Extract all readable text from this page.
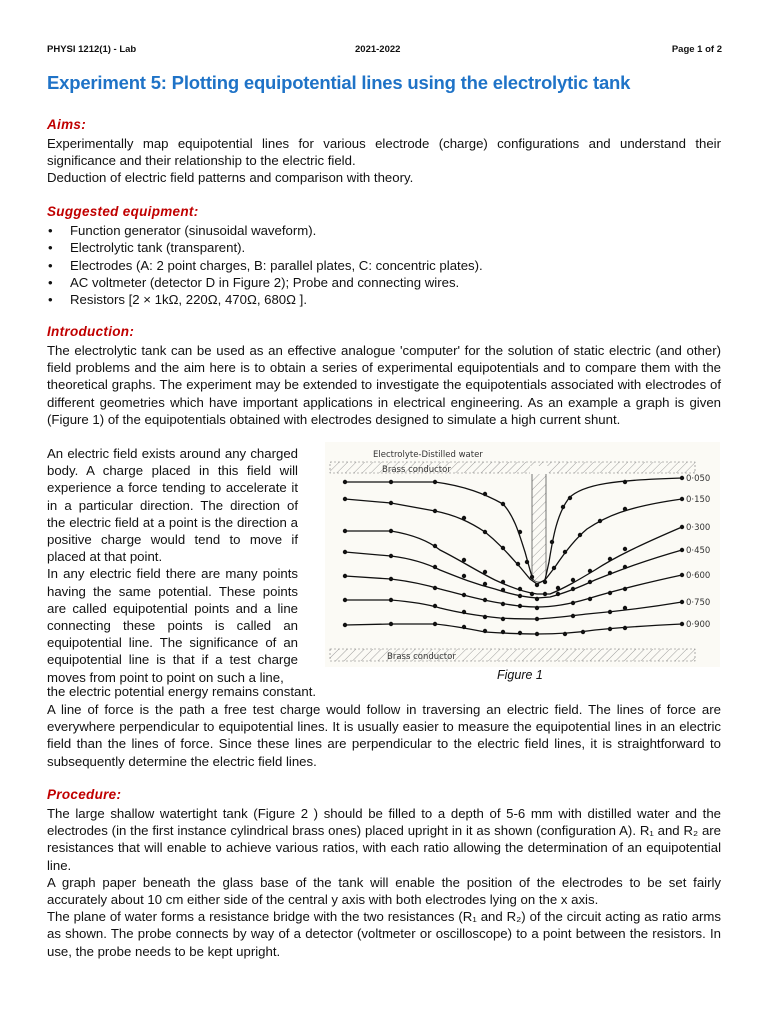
PHYSI 1212(1) - Lab	2021-2022	Page 1 of 2
Experiment 5: Plotting equipotential lines using the electrolytic tank
Aims:

Experimentally map equipotential lines for various electrode (charge) configurations and understand their significance and their relationship to the electric field.

Deduction of electric field patterns and comparison with theory.

Suggested equipment:
• Function generator (sinusoidal waveform).
• Electrolytic tank (transparent).
• Electrodes (A: 2 point charges, B: parallel plates, C: concentric plates).
• AC voltmeter (detector D in Figure 2); Probe and connecting wires.
• Resistors [2 × 1kΩ, 220Ω, 470Ω, 680Ω ].
Introduction:

The electrolytic tank can be used as an effective analogue 'computer' for the solution of static electric (and other) field problems and the aim here is to obtain a series of experimental equipotentials and to compare them with the theoretical graphs. The experiment may be extended to investigate the equipotentials associated with electrodes of different geometries which have important applications in electrical engineering. As an example a graph is given (Figure 1) of the equipotentials obtained with electrodes designed to simulate a high current shunt.

An electric field exists around any charged body. A charge placed in this field will experience a force tending to accelerate it in a particular direction. The direction of the electric field at a point is the direction a positive charge would tend to move if placed at that point.

In any electric field there are many points having the same potential. These points are called equipotential points and a line connecting these points is called an equipotential line. The significance of an equipotential line is that if a test charge moves from point to point on such a line,

the electric potential energy remains constant.
Electrolyte-Distilled water
Brass conductor
Brass conductor
0·050
0·150
0·300
0·450
0·600
0·750
0·900
Figure 1

A line of force is the path a free test charge would follow in traversing an electric field. The lines of force are everywhere perpendicular to equipotential lines. It is usually easier to measure the equipotential lines in an electric field than the lines of force. Since these lines are perpendicular to the electric field lines, it is straightforward to subsequently determine the electric field lines.

Procedure:

The large shallow watertight tank (Figure 2 ) should be filled to a depth of 5-6 mm with distilled water and the electrodes (in the first instance cylindrical brass ones) placed upright in it as shown (configuration A). R₁ and R₂ are resistances that will enable to achieve various ratios, with each ratio allowing the determination of an equipotential line.

A graph paper beneath the glass base of the tank will enable the position of the electrodes to be set fairly accurately about 10 cm either side of the central y axis with both electrodes lying on the x axis.

The plane of water forms a resistance bridge with the two resistances (R₁ and R₂) of the circuit acting as ratio arms as shown. The probe connects by way of a detector (voltmeter or oscilloscope) to a point between the resistors. In use, the probe needs to be kept upright.
